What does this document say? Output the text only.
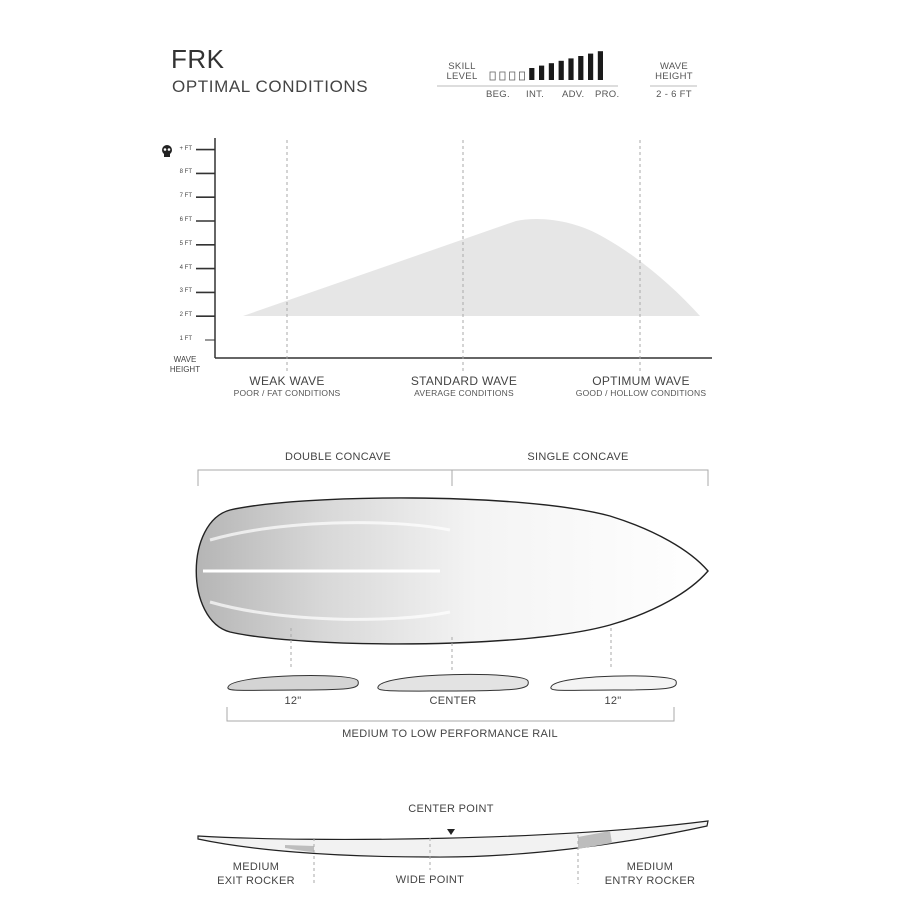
FRK
OPTIMAL CONDITIONS
SKILL
LEVEL
BEG. INT. ADV. PRO.
WAVE
HEIGHT
2 - 6 FT
1 FT
2 FT
3 FT
4 FT
5 FT
6 FT
7 FT
8 FT
+ FT
WAVE
HEIGHT
WEAK WAVE
POOR / FAT CONDITIONS
STANDARD WAVE
AVERAGE CONDITIONS
OPTIMUM WAVE
GOOD / HOLLOW CONDITIONS
DOUBLE CONCAVE	SINGLE CONCAVE
12"	CENTER	12"
MEDIUM TO LOW PERFORMANCE RAIL
CENTER POINT
MEDIUM
EXIT ROCKER	WIDE POINT
MEDIUM
ENTRY ROCKER
